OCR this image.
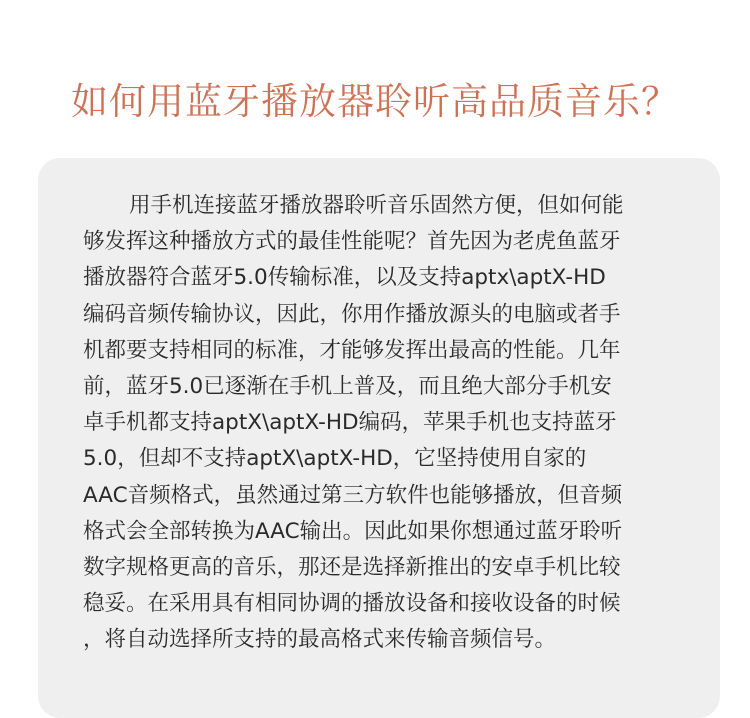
如何用蓝牙播放器聆听高品质音乐？
用手机连接蓝牙播放器聆听音乐固然方便，但如何能
够发挥这种播放方式的最佳性能呢？首先因为老虎鱼蓝牙
播放器符合蓝牙5.0传输标准，以及支持aptx\aptX-HD
编码音频传输协议，因此，你用作播放源头的电脑或者手
机都要支持相同的标准，才能够发挥出最高的性能。几年
前，蓝牙5.0已逐渐在手机上普及，而且绝大部分手机安
卓手机都支持aptX\aptX-HD编码，苹果手机也支持蓝牙
5.0，但却不支持aptX\aptX-HD，它坚持使用自家的
AAC音频格式，虽然通过第三方软件也能够播放，但音频
格式会全部转换为AAC输出。因此如果你想通过蓝牙聆听
数字规格更高的音乐，那还是选择新推出的安卓手机比较
稳妥。在采用具有相同协调的播放设备和接收设备的时候
，将自动选择所支持的最高格式来传输音频信号。
